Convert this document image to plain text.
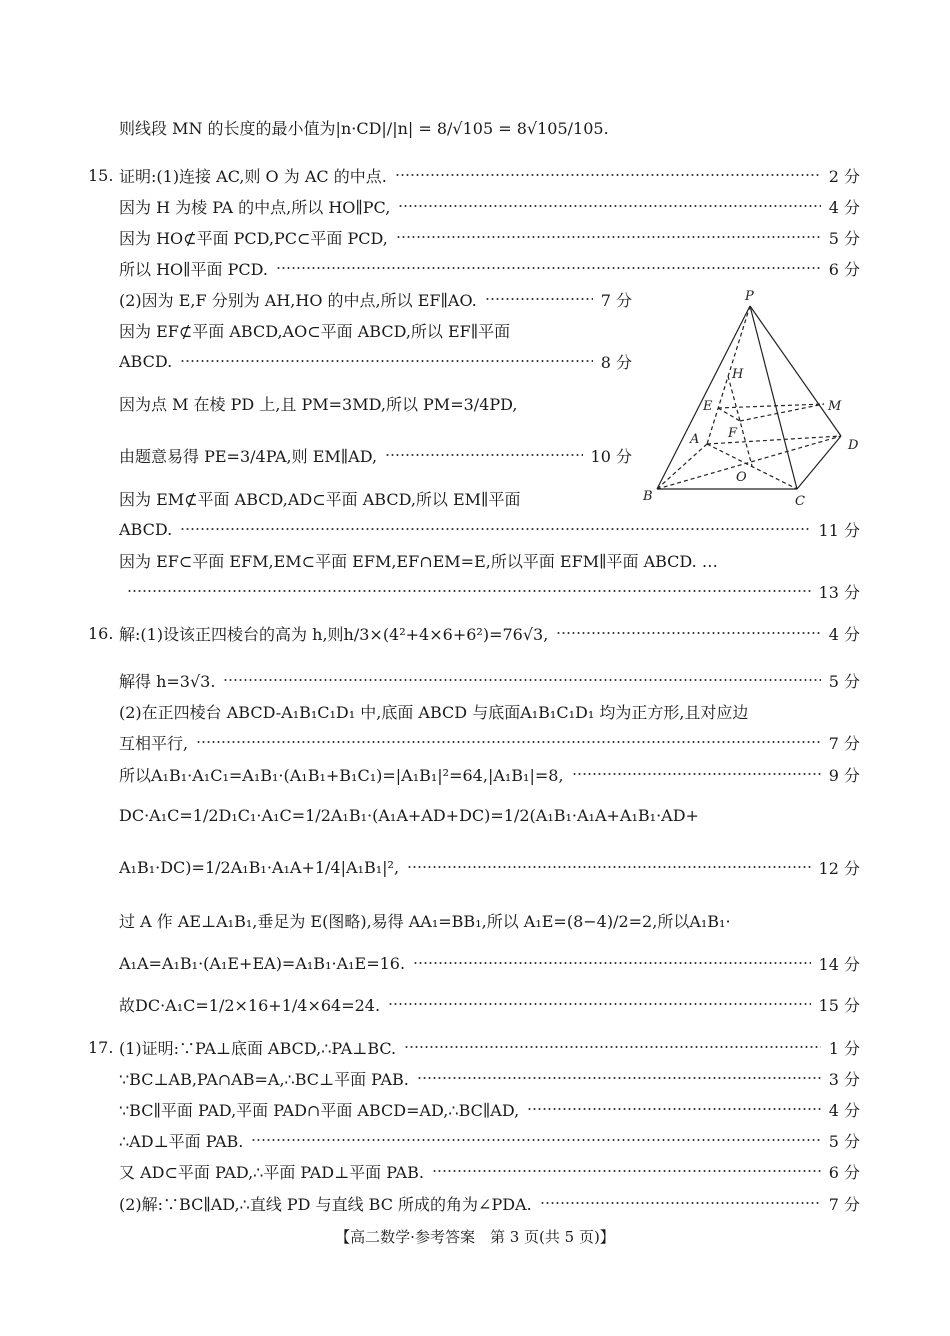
则线段 MN 的长度的最小值为|n·CD|/|n| = 8/√105 = 8√105/105.
15. 证明:(1)连接 AC,则 O 为 AC 的中点.	2 分
因为 H 为棱 PA 的中点,所以 HO∥PC,	4 分
因为 HO⊄平面 PCD,PC⊂平面 PCD,	5 分
所以 HO∥平面 PCD.	6 分
(2)因为 E,F 分别为 AH,HO 的中点,所以 EF∥AO.	7 分
因为 EF⊄平面 ABCD,AO⊂平面 ABCD,所以 EF∥平面
ABCD.	8 分
因为点 M 在棱 PD 上,且 PM=3MD,所以 PM=3/4PD,
由题意易得 PE=3/4PA,则 EM∥AD,	10 分
因为 EM⊄平面 ABCD,AD⊂平面 ABCD,所以 EM∥平面
ABCD.	11 分
因为 EF⊂平面 EFM,EM⊂平面 EFM,EF∩EM=E,所以平面 EFM∥平面 ABCD. …
13 分
P
H
E	M
A F
D
O
B	C
16. 解:(1)设该正四棱台的高为 h,则h/3×(4²+4×6+6²)=76√3,	4 分
解得 h=3√3.	5 分
(2)在正四棱台 ABCD-A₁B₁C₁D₁ 中,底面 ABCD 与底面A₁B₁C₁D₁ 均为正方形,且对应边
互相平行,	7 分
所以A₁B₁·A₁C₁=A₁B₁·(A₁B₁+B₁C₁)=|A₁B₁|²=64,|A₁B₁|=8,	9 分
DC·A₁C=1/2D₁C₁·A₁C=1/2A₁B₁·(A₁A+AD+DC)=1/2(A₁B₁·A₁A+A₁B₁·AD+
A₁B₁·DC)=1/2A₁B₁·A₁A+1/4|A₁B₁|²,	12 分
过 A 作 AE⊥A₁B₁,垂足为 E(图略),易得 AA₁=BB₁,所以 A₁E=(8−4)/2=2,所以A₁B₁·
A₁A=A₁B₁·(A₁E+EA)=A₁B₁·A₁E=16.	14 分
故DC·A₁C=1/2×16+1/4×64=24.	15 分
17. (1)证明:∵PA⊥底面 ABCD,∴PA⊥BC.	1 分
∵BC⊥AB,PA∩AB=A,∴BC⊥平面 PAB.	3 分
∵BC∥平面 PAD,平面 PAD∩平面 ABCD=AD,∴BC∥AD,	4 分
∴AD⊥平面 PAB.	5 分
又 AD⊂平面 PAD,∴平面 PAD⊥平面 PAB.	6 分
(2)解:∵BC∥AD,∴直线 PD 与直线 BC 所成的角为∠PDA.	7 分
【高二数学·参考答案　第 3 页(共 5 页)】
